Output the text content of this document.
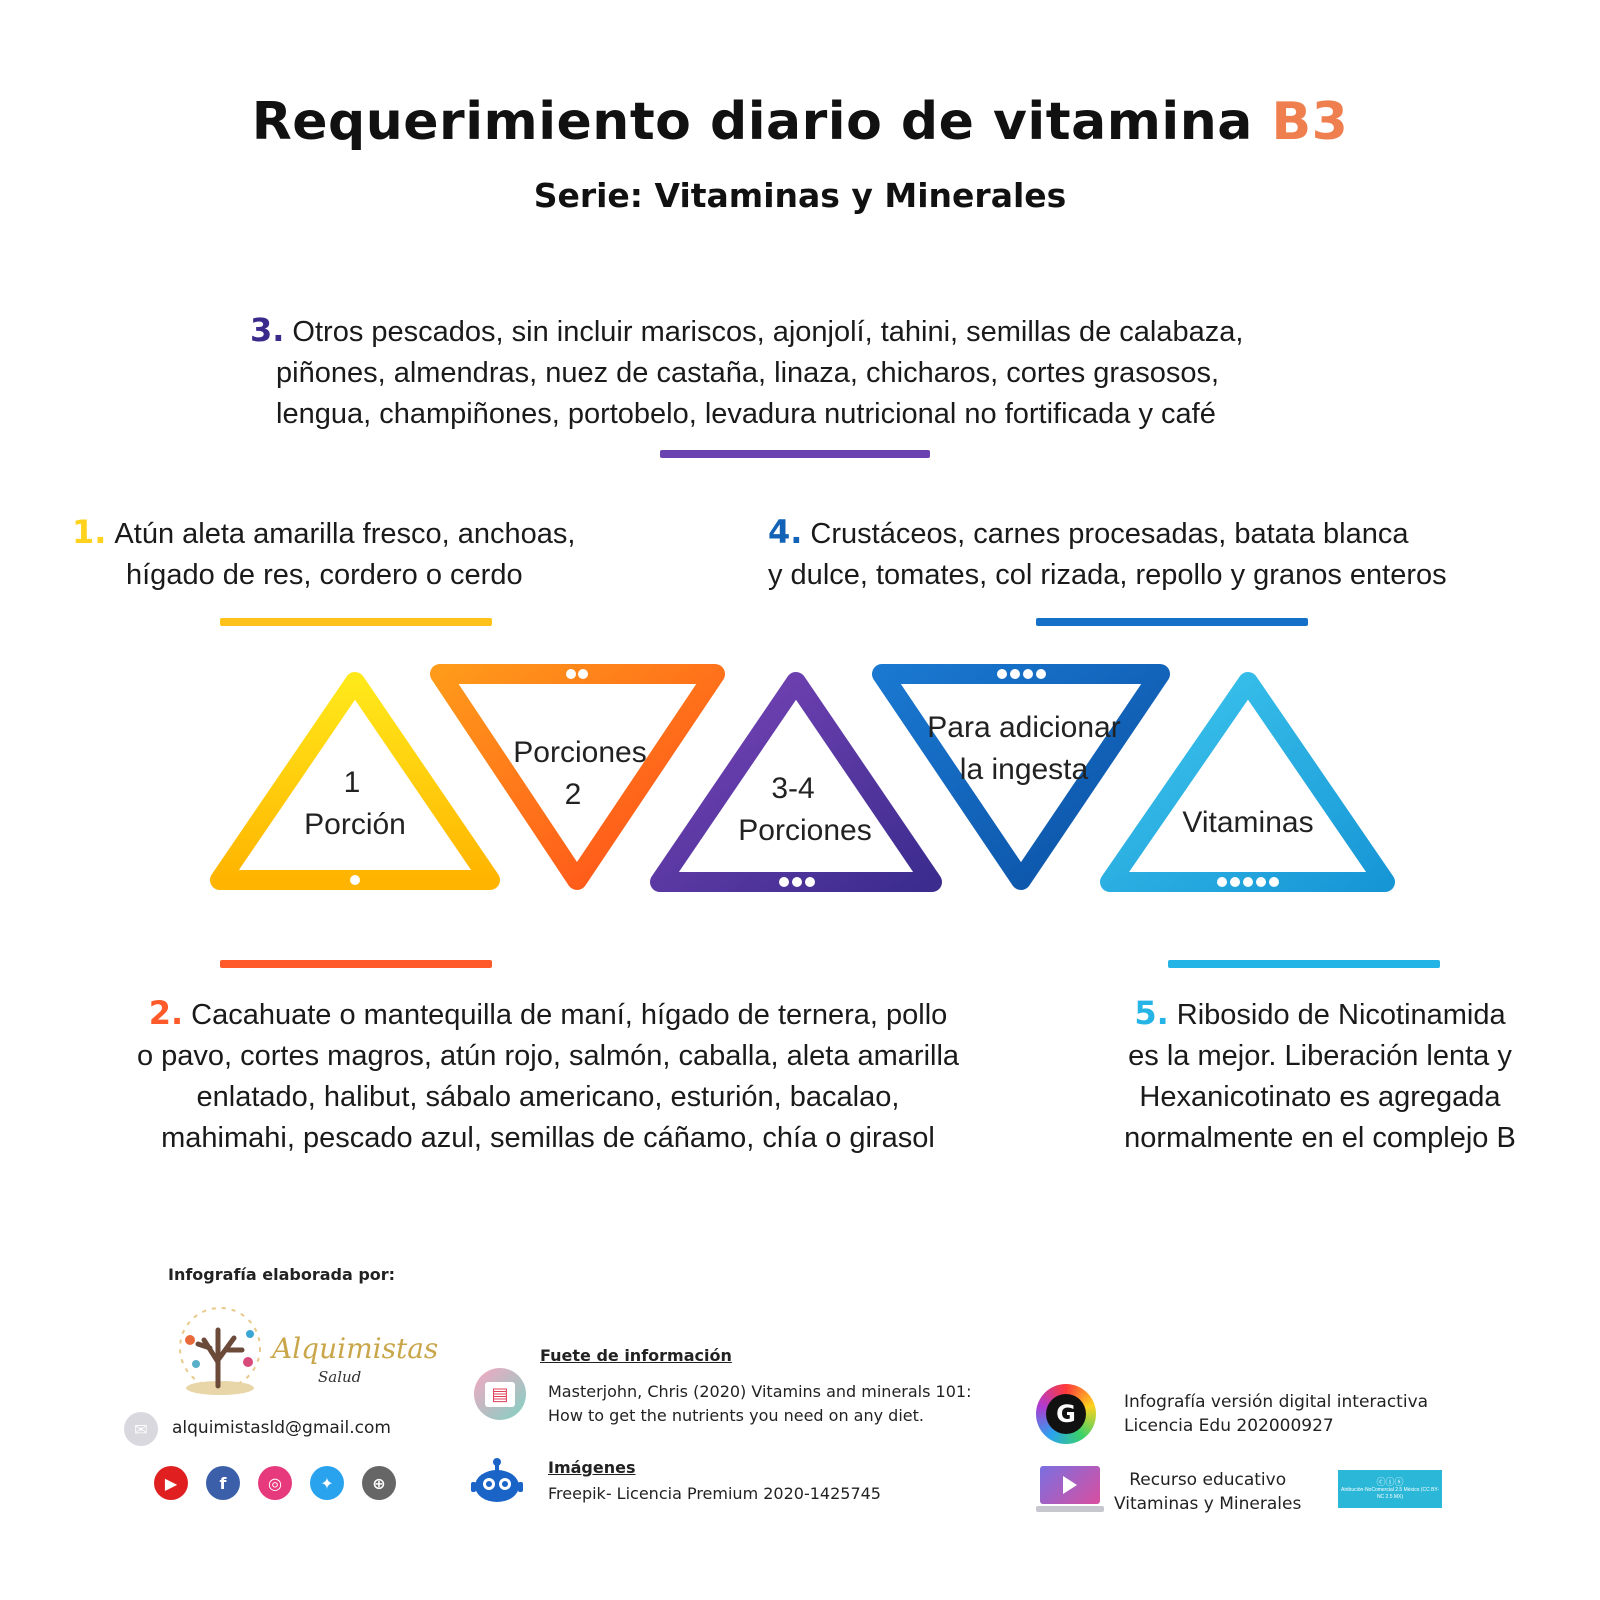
Requerimiento diario de vitamina B3
Serie: Vitaminas y Minerales
3. Otros pescados, sin incluir mariscos, ajonjolí, tahini, semillas de calabaza,
piñones, almendras, nuez de castaña, linaza, chicharos, cortes grasosos,
lengua, champiñones, portobelo, levadura nutricional no fortificada y café
1. Atún aleta amarilla fresco, anchoas,
hígado de res, cordero o cerdo
4. Crustáceos, carnes procesadas, batata blanca
y dulce, tomates, col rizada, repollo y granos enteros
1
Porción
Porciones
2	3-4
Porciones
Para adicionar
la ingesta
Vitaminas
2. Cacahuate o mantequilla de maní, hígado de ternera, pollo
o pavo, cortes magros, atún rojo, salmón, caballa, aleta amarilla
enlatado, halibut, sábalo americano, esturión, bacalao,
mahimahi, pescado azul, semillas de cáñamo, chía o girasol
5. Ribosido de Nicotinamida
es la mejor. Liberación lenta y
Hexanicotinato es agregada
normalmente en el complejo B
Infografía elaborada por:
Alquimistas
Salud
✉	alquimistasld@gmail.com
▶	f	◎	✦	⊕
▤
Fuete de información
Masterjohn, Chris (2020) Vitamins and minerals 101:
How to get the nutrients you need on any diet.
Imágenes
Freepik- Licencia Premium 2020-1425745
G	Infografía versión digital interactiva
Licencia Edu 202000927
Recurso educativo
Vitaminas y Minerales
ⓒⓘⓢ
Atribución-NoComercial 2.5 México (CC BY-NC 2.5 MX)
